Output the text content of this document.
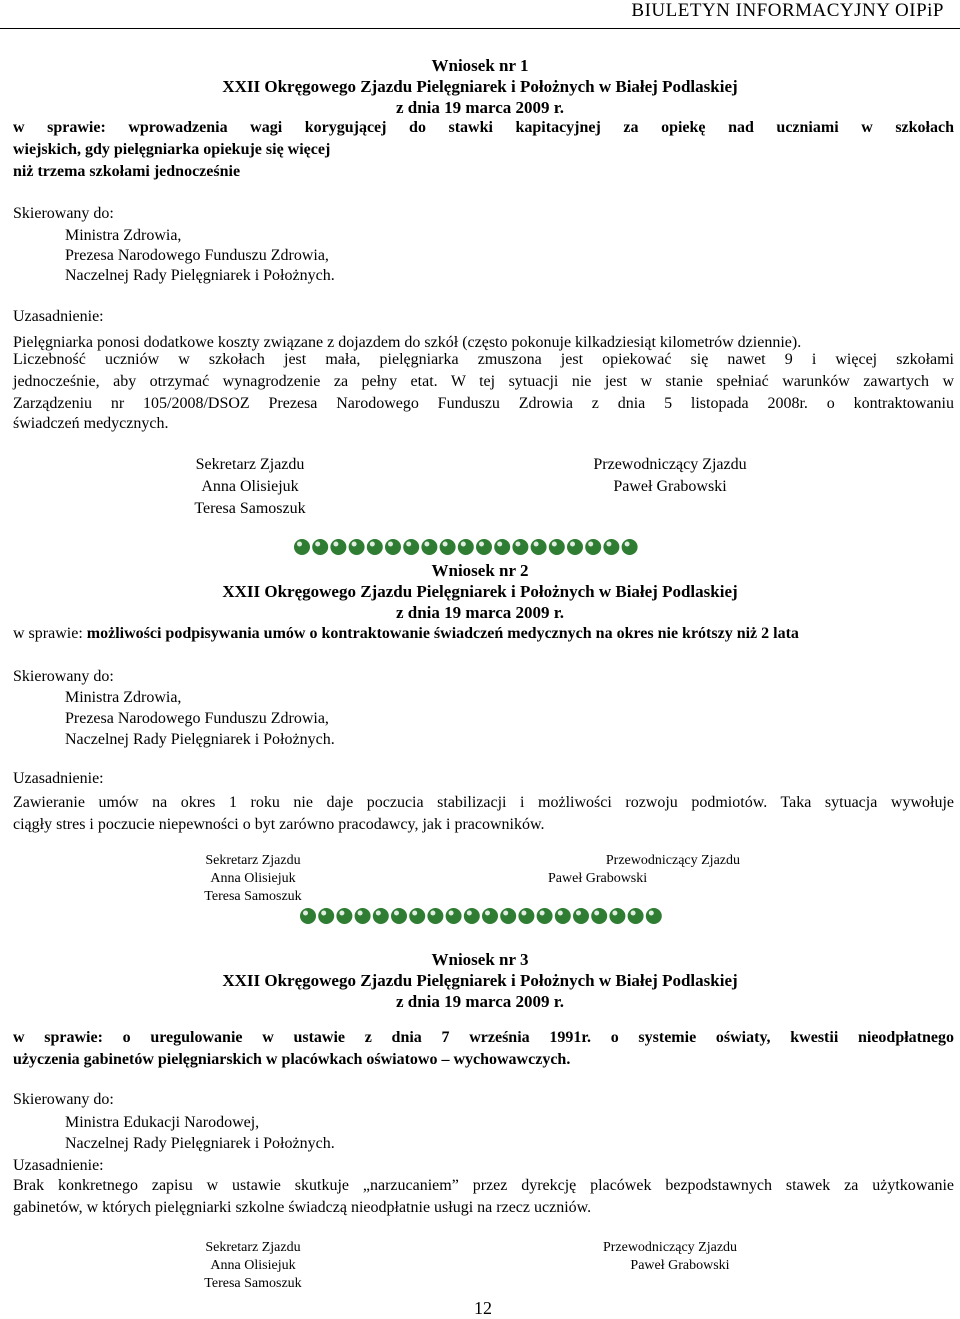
BIULETYN INFORMACYJNY OIPiP
Wniosek nr 1
XXII Okręgowego Zjazdu Pielęgniarek i Położnych w Białej Podlaskiej
z dnia 19 marca 2009 r.
w sprawie: wprowadzenia wagi korygującej do stawki kapitacyjnej za opiekę nad uczniami w szkołach
wiejskich, gdy pielęgniarka opiekuje się więcej
niż trzema szkołami jednocześnie
Skierowany do:
Ministra Zdrowia,
Prezesa Narodowego Funduszu Zdrowia,
Naczelnej Rady Pielęgniarek i Położnych.
Uzasadnienie:
Pielęgniarka ponosi dodatkowe koszty związane z dojazdem do szkół (często pokonuje kilkadziesiąt kilometrów dziennie).
Liczebność uczniów w szkołach jest mała, pielęgniarka zmuszona jest opiekować się nawet 9 i więcej szkołami
jednocześnie, aby otrzymać wynagrodzenie za pełny etat. W tej sytuacji nie jest w stanie spełniać warunków zawartych w
Zarządzeniu nr 105/2008/DSOZ Prezesa Narodowego Funduszu Zdrowia z dnia 5 listopada 2008r. o kontraktowaniu
świadczeń medycznych.
Sekretarz Zjazdu
Anna Olisiejuk
Teresa Samoszuk
Przewodniczący Zjazdu
Paweł Grabowski
Wniosek nr 2
XXII Okręgowego Zjazdu Pielęgniarek i Położnych w Białej Podlaskiej
z dnia 19 marca 2009 r.
w sprawie: możliwości podpisywania umów o kontraktowanie świadczeń medycznych na okres nie krótszy niż 2 lata
Skierowany do:
Ministra Zdrowia,
Prezesa Narodowego Funduszu Zdrowia,
Naczelnej Rady Pielęgniarek i Położnych.
Uzasadnienie:
Zawieranie umów na okres 1 roku nie daje poczucia stabilizacji i możliwości rozwoju podmiotów. Taka sytuacja wywołuje
ciągły stres i poczucie niepewności o byt zarówno pracodawcy, jak i pracowników.
Sekretarz Zjazdu
Anna Olisiejuk
Teresa Samoszuk
Przewodniczący Zjazdu
Paweł Grabowski
Wniosek nr 3
XXII Okręgowego Zjazdu Pielęgniarek i Położnych w Białej Podlaskiej
z dnia 19 marca 2009 r.
w sprawie: o uregulowanie w ustawie z dnia 7 września 1991r. o systemie oświaty, kwestii nieodpłatnego
użyczenia gabinetów pielęgniarskich w placówkach oświatowo – wychowawczych.
Skierowany do:
Ministra Edukacji Narodowej,
Naczelnej Rady Pielęgniarek i Położnych.
Uzasadnienie:
Brak konkretnego zapisu w ustawie skutkuje „narzucaniem” przez dyrekcję placówek bezpodstawnych stawek za użytkowanie
gabinetów, w których pielęgniarki szkolne świadczą nieodpłatnie usługi na rzecz uczniów.
Sekretarz Zjazdu
Anna Olisiejuk
Teresa Samoszuk
Przewodniczący Zjazdu
Paweł Grabowski
12
